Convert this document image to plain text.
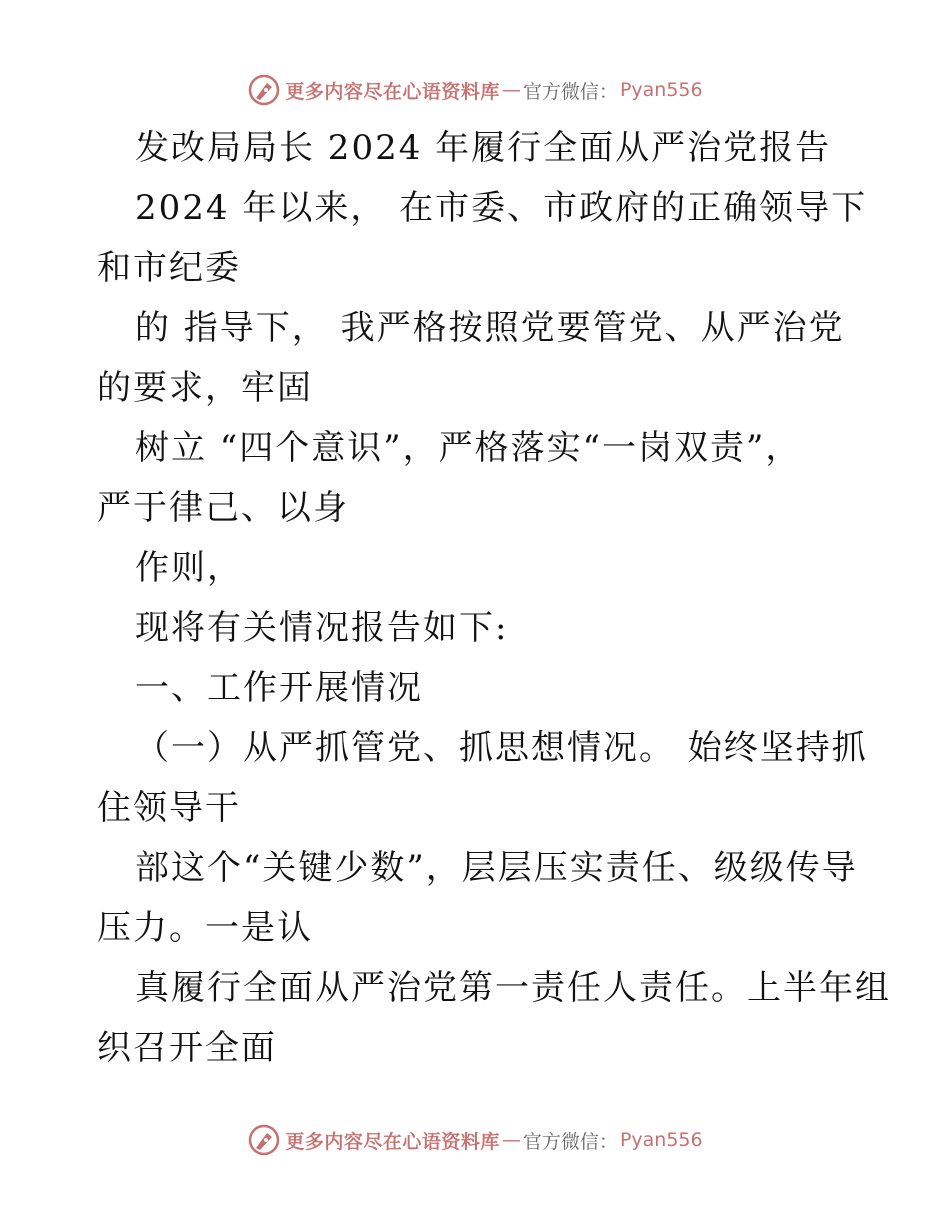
更多内容尽在心语资料库 — 官方微信： Pyan556
发改局局长 2024 年履行全面从严治党报告
2024 年以来， 在市委、市政府的正确领导下
和市纪委
的 指导下， 我严格按照党要管党、从严治党
的要求，牢固
树立 “四个意识”，严格落实“一岗双责”，
严于律己、以身
作则，
现将有关情况报告如下:
一、工作开展情况
（一）从严抓管党、抓思想情况。 始终坚持抓
住领导干
部这个“关键少数”，层层压实责任、级级传导
压力。一是认
真履行全面从严治党第一责任人责任。上半年组
织召开全面
更多内容尽在心语资料库 — 官方微信： Pyan556
